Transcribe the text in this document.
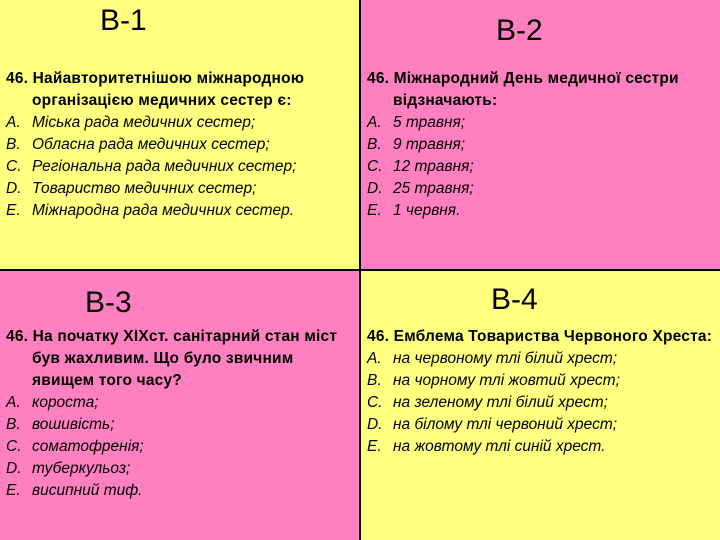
В-1
46. Найавторитетнішою міжнародною організацією медичних сестер є:
A. Міська рада медичних сестер;
B. Обласна рада медичних сестер;
C. Регіональна рада медичних сестер;
D. Товариство медичних сестер;
E. Міжнародна рада медичних сестер.
В-2
46. Міжнародний День медичної сестри відзначають:
A. 5 травня;
B. 9 травня;
C. 12 травня;
D. 25 травня;
E. 1 червня.
В-3
46. На початку ХІХст. санітарний стан міст був жахливим. Що було звичним явищем того часу?
A. короста;
B. вошивість;
C. соматофренія;
D. туберкульоз;
E. висипний тиф.
В-4
46. Емблема Товариства Червоного Хреста:
A. на червоному тлі білий хрест;
B. на чорному тлі жовтий хрест;
C. на зеленому тлі білий хрест;
D. на білому тлі червоний хрест;
E. на жовтому тлі синій хрест.
